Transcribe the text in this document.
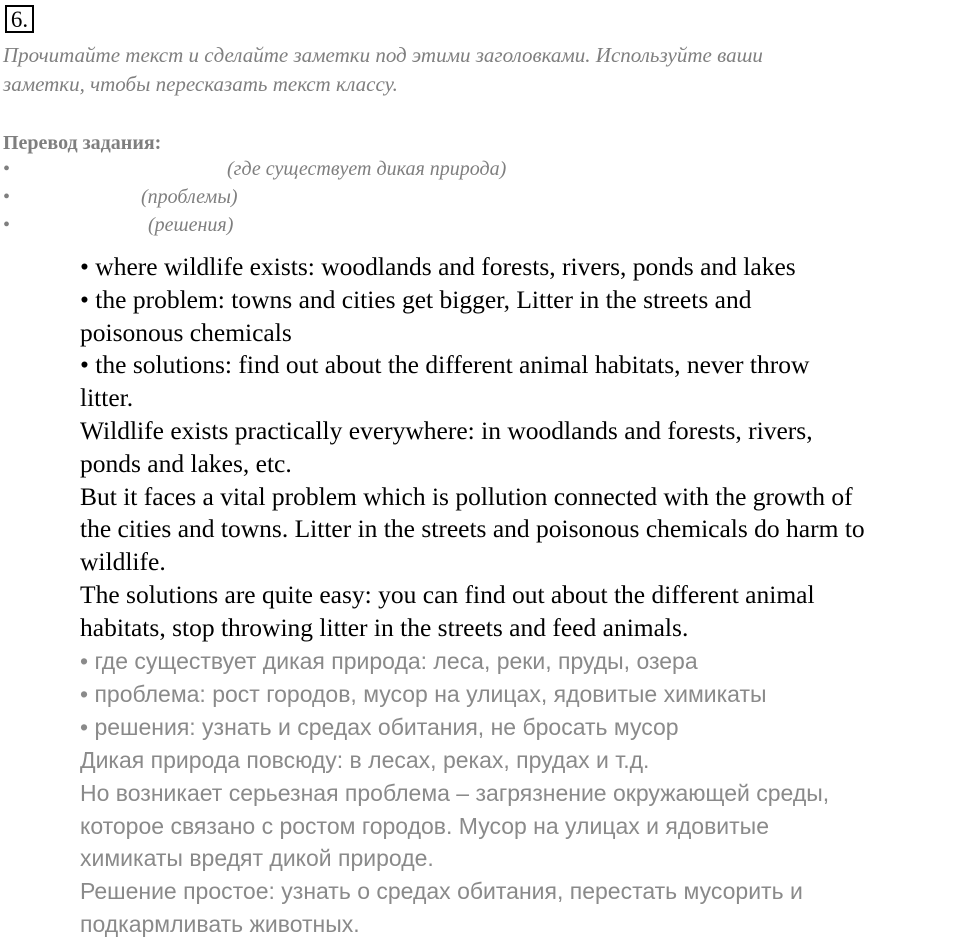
6.
Прочитайте текст и сделайте заметки под этими заголовками. Используйте ваши
заметки, чтобы пересказать текст классу.
Перевод задания:
•	(где существует дикая природа)
•	(проблемы)
•	(решения)
• where wildlife exists: woodlands and forests, rivers, ponds and lakes
• the problem: towns and cities get bigger, Litter in the streets and
poisonous chemicals
• the solutions: find out about the different animal habitats, never throw
litter.
Wildlife exists practically everywhere: in woodlands and forests, rivers,
ponds and lakes, etc.
But it faces a vital problem which is pollution connected with the growth of
the cities and towns. Litter in the streets and poisonous chemicals do harm to
wildlife.
The solutions are quite easy: you can find out about the different animal
habitats, stop throwing litter in the streets and feed animals.
• где существует дикая природа: леса, реки, пруды, озера
• проблема: рост городов, мусор на улицах, ядовитые химикаты
• решения: узнать и средах обитания, не бросать мусор
Дикая природа повсюду: в лесах, реках, прудах и т.д.
Но возникает серьезная проблема – загрязнение окружающей среды,
которое связано с ростом городов. Мусор на улицах и ядовитые
химикаты вредят дикой природе.
Решение простое: узнать о средах обитания, перестать мусорить и
подкармливать животных.
